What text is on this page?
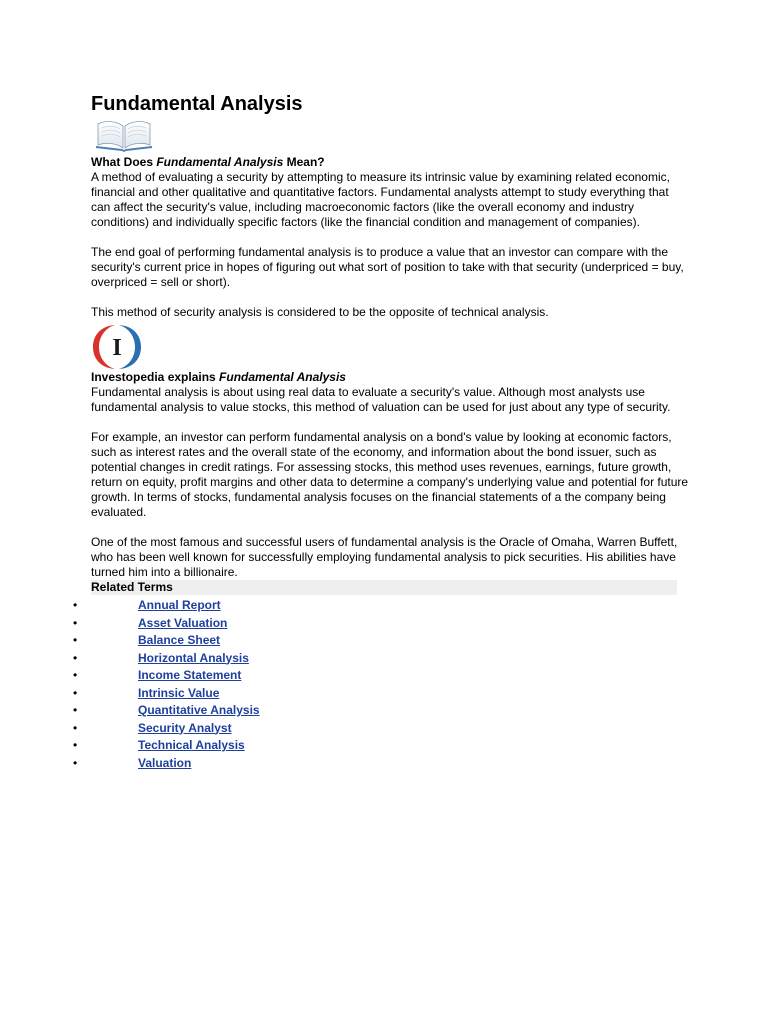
Fundamental Analysis
What Does Fundamental Analysis Mean?

A method of evaluating a security by attempting to measure its intrinsic value by examining related economic, financial and other qualitative and quantitative factors. Fundamental analysts attempt to study everything that can affect the security's value, including macroeconomic factors (like the overall economy and industry conditions) and individually specific factors (like the financial condition and management of companies).

The end goal of performing fundamental analysis is to produce a value that an investor can compare with the security's current price in hopes of figuring out what sort of position to take with that security (underpriced = buy, overpriced = sell or short).

This method of security analysis is considered to be the opposite of technical analysis.

I
Investopedia explains Fundamental Analysis

Fundamental analysis is about using real data to evaluate a security's value. Although most analysts use fundamental analysis to value stocks, this method of valuation can be used for just about any type of security.

For example, an investor can perform fundamental analysis on a bond's value by looking at economic factors, such as interest rates and the overall state of the economy, and information about the bond issuer, such as potential changes in credit ratings. For assessing stocks, this method uses revenues, earnings, future growth, return on equity, profit margins and other data to determine a company's underlying value and potential for future growth. In terms of stocks, fundamental analysis focuses on the financial statements of a the company being evaluated.

One of the most famous and successful users of fundamental analysis is the Oracle of Omaha, Warren Buffett, who has been well known for successfully employing fundamental analysis to pick securities. His abilities have turned him into a billionaire.

Related Terms
•	Annual Report
•	Asset Valuation
•	Balance Sheet
•	Horizontal Analysis
•	Income Statement
•	Intrinsic Value
•	Quantitative Analysis
•	Security Analyst
•	Technical Analysis
•	Valuation
